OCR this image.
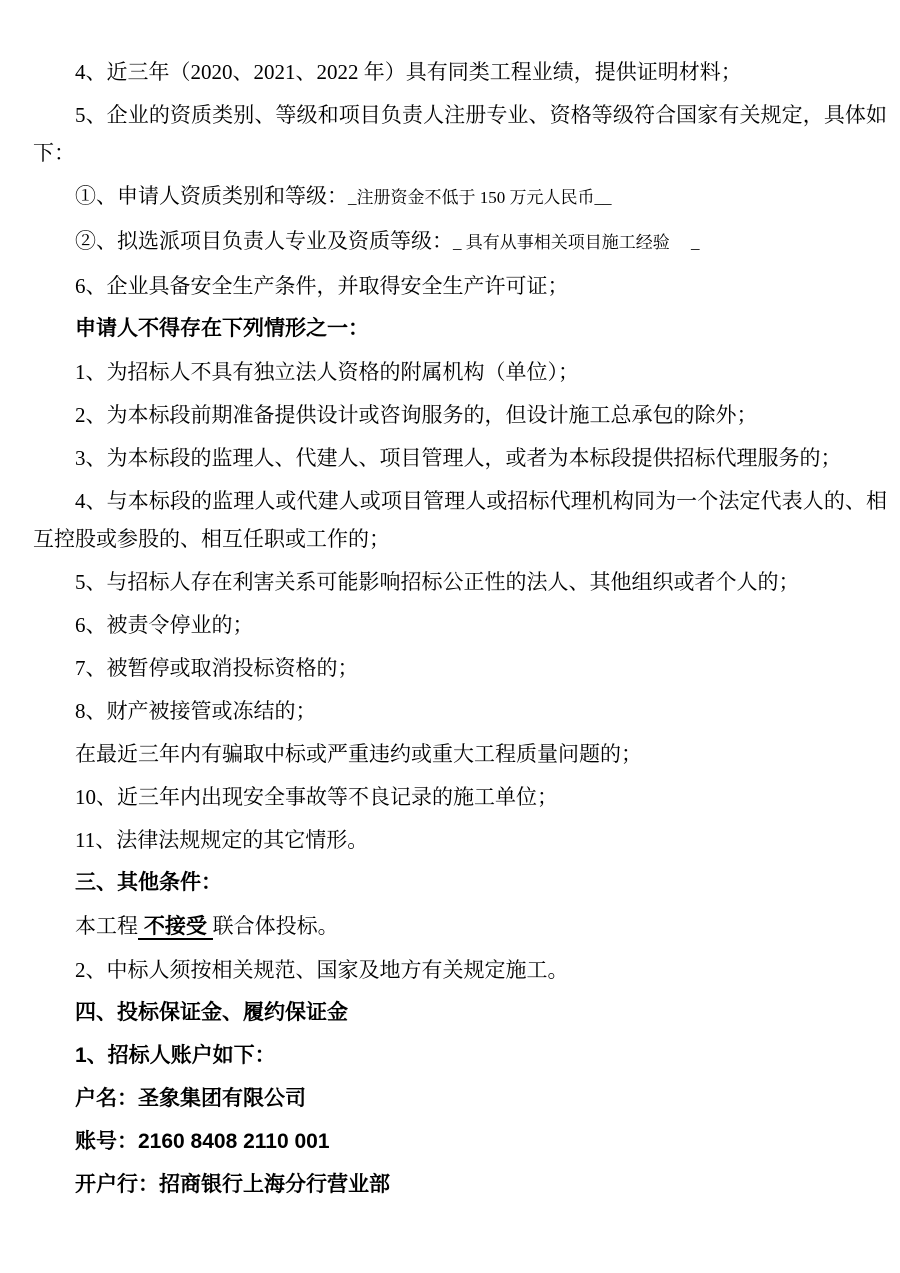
4、近三年（2020、2021、2022 年）具有同类工程业绩，提供证明材料；

5、企业的资质类别、等级和项目负责人注册专业、资格等级符合国家有关规定，具体如下：

①、申请人资质类别和等级：_注册资金不低于 150 万元人民币__

②、拟选派项目负责人专业及资质等级：_ 具有从事相关项目施工经验　 _

6、企业具备安全生产条件，并取得安全生产许可证；

申请人不得存在下列情形之一：

1、为招标人不具有独立法人资格的附属机构（单位）；

2、为本标段前期准备提供设计或咨询服务的，但设计施工总承包的除外；

3、为本标段的监理人、代建人、项目管理人，或者为本标段提供招标代理服务的；

4、与本标段的监理人或代建人或项目管理人或招标代理机构同为一个法定代表人的、相互控股或参股的、相互任职或工作的；

5、与招标人存在利害关系可能影响招标公正性的法人、其他组织或者个人的；

6、被责令停业的；

7、被暂停或取消投标资格的；

8、财产被接管或冻结的；

在最近三年内有骗取中标或严重违约或重大工程质量问题的；

10、近三年内出现安全事故等不良记录的施工单位；

11、法律法规规定的其它情形。

三、其他条件：

本工程 不接受 联合体投标。

2、中标人须按相关规范、国家及地方有关规定施工。

四、投标保证金、履约保证金

1、招标人账户如下：

户名：圣象集团有限公司

账号：2160 8408 2110 001

开户行：招商银行上海分行营业部
